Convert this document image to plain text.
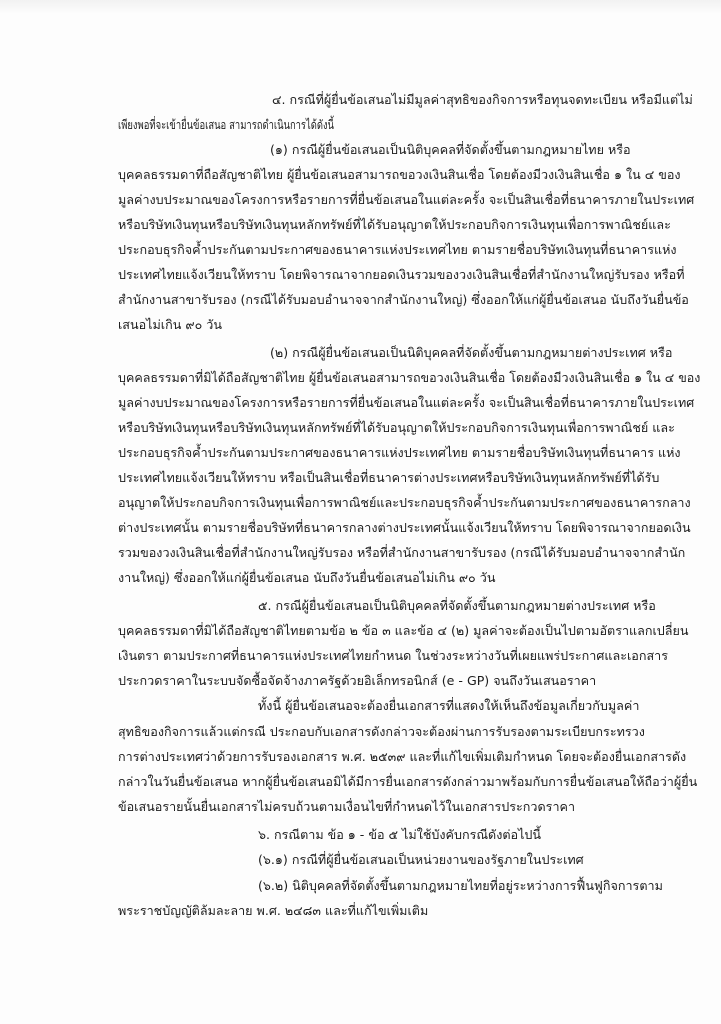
๔. กรณีที่ผู้ยื่นข้อเสนอไม่มีมูลค่าสุทธิของกิจการหรือทุนจดทะเบียน หรือมีแต่ไม่
เพียงพอที่จะเข้ายื่นข้อเสนอ สามารถดำเนินการได้ดังนี้
(๑) กรณีผู้ยื่นข้อเสนอเป็นนิติบุคคลที่จัดตั้งขึ้นตามกฎหมายไทย หรือ
บุคคลธรรมดาที่ถือสัญชาติไทย ผู้ยื่นข้อเสนอสามารถขอวงเงินสินเชื่อ โดยต้องมีวงเงินสินเชื่อ ๑ ใน ๔ ของ
มูลค่างบประมาณของโครงการหรือรายการที่ยื่นข้อเสนอในแต่ละครั้ง จะเป็นสินเชื่อที่ธนาคารภายในประเทศ
หรือบริษัทเงินทุนหรือบริษัทเงินทุนหลักทรัพย์ที่ได้รับอนุญาตให้ประกอบกิจการเงินทุนเพื่อการพาณิชย์และ
ประกอบธุรกิจค้ำประกันตามประกาศของธนาคารแห่งประเทศไทย ตามรายชื่อบริษัทเงินทุนที่ธนาคารแห่ง
ประเทศไทยแจ้งเวียนให้ทราบ โดยพิจารณาจากยอดเงินรวมของวงเงินสินเชื่อที่สำนักงานใหญ่รับรอง หรือที่
สำนักงานสาขารับรอง (กรณีได้รับมอบอำนาจจากสำนักงานใหญ่) ซึ่งออกให้แก่ผู้ยื่นข้อเสนอ นับถึงวันยื่นข้อ
เสนอไม่เกิน ๙๐ วัน
(๒) กรณีผู้ยื่นข้อเสนอเป็นนิติบุคคลที่จัดตั้งขึ้นตามกฎหมายต่างประเทศ หรือ
บุคคลธรรมดาที่มิได้ถือสัญชาติไทย ผู้ยื่นข้อเสนอสามารถขอวงเงินสินเชื่อ โดยต้องมีวงเงินสินเชื่อ ๑ ใน ๔ ของ
มูลค่างบประมาณของโครงการหรือรายการที่ยื่นข้อเสนอในแต่ละครั้ง จะเป็นสินเชื่อที่ธนาคารภายในประเทศ
หรือบริษัทเงินทุนหรือบริษัทเงินทุนหลักทรัพย์ที่ได้รับอนุญาตให้ประกอบกิจการเงินทุนเพื่อการพาณิชย์ และ
ประกอบธุรกิจค้ำประกันตามประกาศของธนาคารแห่งประเทศไทย ตามรายชื่อบริษัทเงินทุนที่ธนาคาร แห่ง
ประเทศไทยแจ้งเวียนให้ทราบ หรือเป็นสินเชื่อที่ธนาคารต่างประเทศหรือบริษัทเงินทุนหลักทรัพย์ที่ได้รับ
อนุญาตให้ประกอบกิจการเงินทุนเพื่อการพาณิชย์และประกอบธุรกิจค้ำประกันตามประกาศของธนาคารกลาง
ต่างประเทศนั้น ตามรายชื่อบริษัทที่ธนาคารกลางต่างประเทศนั้นแจ้งเวียนให้ทราบ โดยพิจารณาจากยอดเงิน
รวมของวงเงินสินเชื่อที่สำนักงานใหญ่รับรอง หรือที่สำนักงานสาขารับรอง (กรณีได้รับมอบอำนาจจากสำนัก
งานใหญ่) ซึ่งออกให้แก่ผู้ยื่นข้อเสนอ นับถึงวันยื่นข้อเสนอไม่เกิน ๙๐ วัน
๕. กรณีผู้ยื่นข้อเสนอเป็นนิติบุคคลที่จัดตั้งขึ้นตามกฎหมายต่างประเทศ หรือ
บุคคลธรรมดาที่มิได้ถือสัญชาติไทยตามข้อ ๒ ข้อ ๓ และข้อ ๔ (๒) มูลค่าจะต้องเป็นไปตามอัตราแลกเปลี่ยน
เงินตรา ตามประกาศที่ธนาคารแห่งประเทศไทยกำหนด ในช่วงระหว่างวันที่เผยแพร่ประกาศและเอกสาร
ประกวดราคาในระบบจัดซื้อจัดจ้างภาครัฐด้วยอิเล็กทรอนิกส์ (e - GP) จนถึงวันเสนอราคา
ทั้งนี้ ผู้ยื่นข้อเสนอจะต้องยื่นเอกสารที่แสดงให้เห็นถึงข้อมูลเกี่ยวกับมูลค่า
สุทธิของกิจการแล้วแต่กรณี ประกอบกับเอกสารดังกล่าวจะต้องผ่านการรับรองตามระเบียบกระทรวง
การต่างประเทศว่าด้วยการรับรองเอกสาร พ.ศ. ๒๕๓๙ และที่แก้ไขเพิ่มเติมกำหนด โดยจะต้องยื่นเอกสารดัง
กล่าวในวันยื่นข้อเสนอ หากผู้ยื่นข้อเสนอมิได้มีการยื่นเอกสารดังกล่าวมาพร้อมกับการยื่นข้อเสนอให้ถือว่าผู้ยื่น
ข้อเสนอรายนั้นยื่นเอกสารไม่ครบถ้วนตามเงื่อนไขที่กำหนดไว้ในเอกสารประกวดราคา
๖. กรณีตาม ข้อ ๑ - ข้อ ๕ ไม่ใช้บังคับกรณีดังต่อไปนี้
(๖.๑) กรณีที่ผู้ยื่นข้อเสนอเป็นหน่วยงานของรัฐภายในประเทศ
(๖.๒) นิติบุคคลที่จัดตั้งขึ้นตามกฎหมายไทยที่อยู่ระหว่างการฟื้นฟูกิจการตาม
พระราชบัญญัติล้มละลาย พ.ศ. ๒๔๘๓ และที่แก้ไขเพิ่มเติม
